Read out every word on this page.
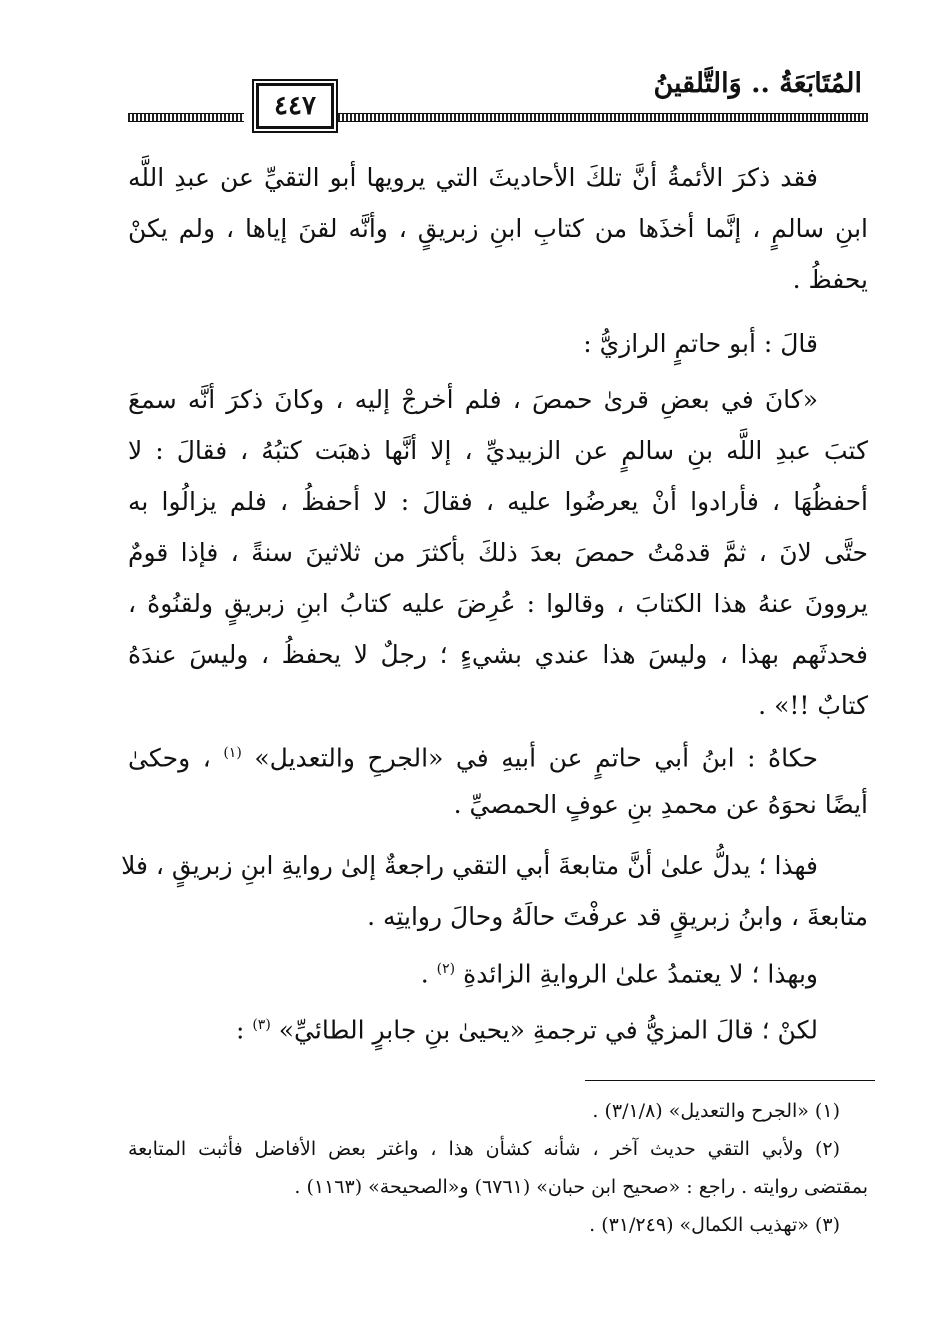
المُتَابَعَةُ .. وَالتَّلقينُ
٤٤٧
فقد ذكرَ الأئمةُ أنَّ تلكَ الأحاديثَ التي يرويها أبو التقيِّ عن عبدِ اللَّه
ابنِ سالمٍ ، إنَّما أخذَها من كتابِ ابنِ زبريقٍ ، وأنَّه لقنَ إياها ، ولم يكنْ
يحفظُ .
قالَ : أبو حاتمٍ الرازيُّ :
«كانَ في بعضِ قرىٰ حمصَ ، فلم أخرجْ إليه ، وكانَ ذكرَ أنَّه سمعَ
كتبَ عبدِ اللَّه بنِ سالمٍ عن الزبيديِّ ، إلا أنَّها ذهبَت كتبُهُ ، فقالَ : لا
أحفظُهَا ، فأرادوا أنْ يعرضُوا عليه ، فقالَ : لا أحفظُ ، فلم يزالُوا به
حتَّى لانَ ، ثمَّ قدمْتُ حمصَ بعدَ ذلكَ بأكثرَ من ثلاثينَ سنةً ، فإذا قومٌ
يروونَ عنهُ هذا الكتابَ ، وقالوا : عُرِضَ عليه كتابُ ابنِ زبريقٍ ولقنُوهُ ،
فحدثَهم بهذا ، وليسَ هذا عندي بشيءٍ ؛ رجلٌ لا يحفظُ ، وليسَ عندَهُ
كتابٌ !!» .
حكاهُ : ابنُ أبي حاتمٍ عن أبيهِ في «الجرحِ والتعديل» $^{(١)}$ ، وحكىٰ
أيضًا نحوَهُ عن محمدِ بنِ عوفٍ الحمصيِّ .
فهذا ؛ يدلُّ علىٰ أنَّ متابعةَ أبي التقي راجعةٌ إلىٰ روايةِ ابنِ زبريقٍ ، فلا
متابعةَ ، وابنُ زبريقٍ قد عرفْتَ حالَهُ وحالَ روايتِه .
وبهذا ؛ لا يعتمدُ علىٰ الروايةِ الزائدةِ $^{(٢)}$ .
لكنْ ؛ قالَ المزيُّ في ترجمةِ «يحيىٰ بنِ جابرٍ الطائيِّ» $^{(٣)}$ :
(١) «الجرح والتعديل» (٣/١/٨) .
(٢) ولأبي التقي حديث آخر ، شأنه كشأن هذا ، واغتر بعض الأفاضل فأثبت المتابعة
بمقتضى روايته . راجع : «صحيح ابن حبان» (٦٧٦١) و«الصحيحة» (١١٦٣) .
(٣) «تهذيب الكمال» (٣١/٢٤٩) .
